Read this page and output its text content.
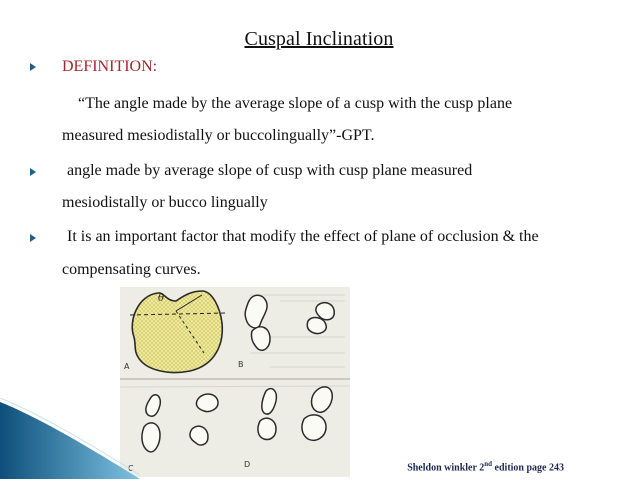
Cuspal Inclination
DEFINITION:
“The angle made by the average slope of a cusp with the cusp plane
measured mesiodistally or buccolingually”-GPT.
angle made by average slope of cusp with cusp plane measured
mesiodistally or bucco lingually
It is an important factor that modify the effect of plane of occlusion & the
compensating curves.
θ
A	B
C	D	Sheldon winkler 2nd edition page 243
